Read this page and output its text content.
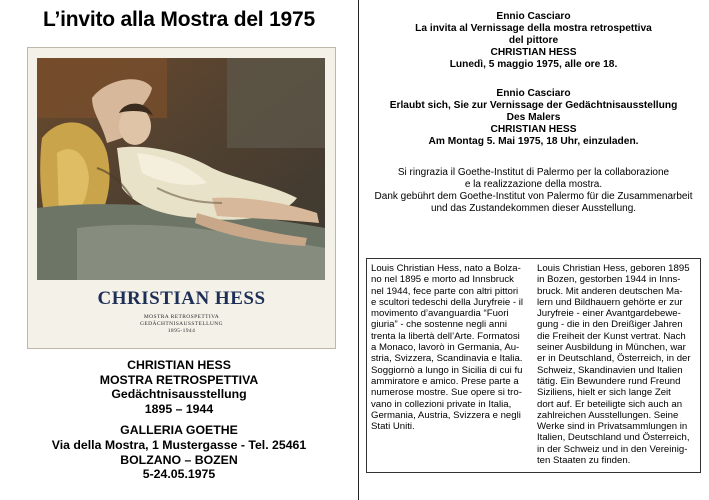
L’invito alla Mostra del 1975
CHRISTIAN HESS
MOSTRA RETROSPETTIVA
GEDÄCHTNISAUSSTELLUNG
1895-1944
CHRISTIAN HESS
MOSTRA RETROSPETTIVA
Gedächtnisausstellung
1895 – 1944
GALLERIA GOETHE
Via della Mostra, 1 Mustergasse - Tel. 25461
BOLZANO – BOZEN
5-24.05.1975
Ennio Casciaro
La invita al Vernissage della mostra retrospettiva
del pittore
CHRISTIAN HESS
Lunedì, 5 maggio 1975, alle ore 18.
Ennio Casciaro
Erlaubt sich, Sie zur Vernissage der Gedächtnisausstellung
Des Malers
CHRISTIAN HESS
Am Montag 5. Mai 1975, 18 Uhr, einzuladen.
Si ringrazia il Goethe-Institut di Palermo per la collaborazione
e la realizzazione della mostra.
Dank gebührt dem Goethe-Institut von Palermo für die Zusammenarbeit
und das Zustandekommen dieser Ausstellung.
Louis Christian Hess, nato a Bolza-
no nel 1895 e morto ad Innsbruck
nel 1944, fece parte con altri pittori
e scultori tedeschi della Juryfreie - il
movimento d’avanguardia “Fuori
giuria” - che sostenne negli anni
trenta la libertà dell’Arte. Formatosi
a Monaco, lavorò in Germania, Au-
stria, Svizzera, Scandinavia e Italia.
Soggiornò a lungo in Sicilia di cui fu
ammiratore e amico. Prese parte a
numerose mostre. Sue opere si tro-
vano in collezioni private in Italia,
Germania, Austria, Svizzera e negli
Stati Uniti.
Louis Christian Hess, geboren 1895
in Bozen, gestorben 1944 in Inns-
bruck. Mit anderen deutschen Ma-
lern und Bildhauern gehörte er zur
Juryfreie - einer Avantgardebewe-
gung - die in den Dreißiger Jahren
die Freiheit der Kunst vertrat. Nach
seiner Ausbildung in München, war
er in Deutschland, Österreich, in der
Schweiz, Skandinavien und Italien
tätig. Ein Bewundere rund Freund
Siziliens, hielt er sich lange Zeit
dort auf. Er beteiligte sich auch an
zahlreichen Ausstellungen. Seine
Werke sind in Privatsammlungen in
Italien, Deutschland und Österreich,
in der Schweiz und in den Vereinig-
ten Staaten zu finden.
